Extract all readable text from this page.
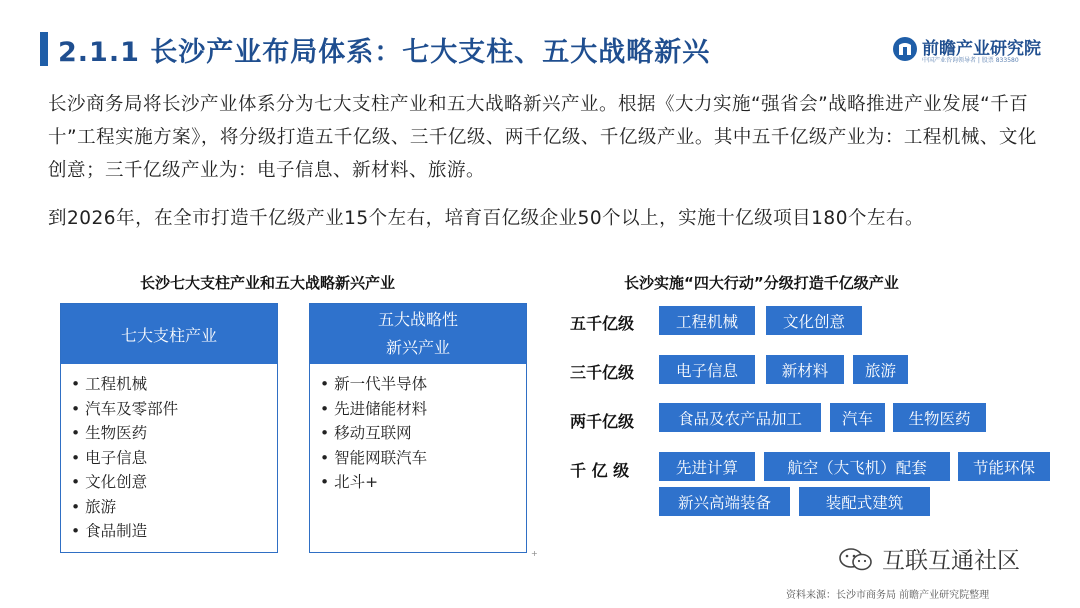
2.1.1 长沙产业布局体系：七大支柱、五大战略新兴	前瞻产业研究院
中国产业咨询领导者 | 股票 833580
长沙商务局将长沙产业体系分为七大支柱产业和五大战略新兴产业。根据《大力实施“强省会”战略推进产业发展“千百十”工程实施方案》，将分级打造五千亿级、三千亿级、两千亿级、千亿级产业。其中五千亿级产业为：工程机械、文化创意；三千亿级产业为：电子信息、新材料、旅游。
到2026年，在全市打造千亿级产业15个左右，培育百亿级企业50个以上，实施十亿级项目180个左右。
长沙七大支柱产业和五大战略新兴产业	长沙实施“四大行动”分级打造千亿级产业
七大支柱产业
• 工程机械
• 汽车及零部件
• 生物医药
• 电子信息
• 文化创意
• 旅游
• 食品制造
五大战略性
新兴产业
• 新一代半导体
• 先进储能材料
• 移动互联网
• 智能网联汽车
• 北斗+
五千亿级	工程机械	文化创意
三千亿级	电子信息	新材料	旅游
两千亿级	食品及农产品加工	汽车	生物医药
千 亿 级	先进计算	航空（大飞机）配套	节能环保
新兴高端装备	装配式建筑
+	互联互通社区
资料来源：长沙市商务局 前瞻产业研究院整理
